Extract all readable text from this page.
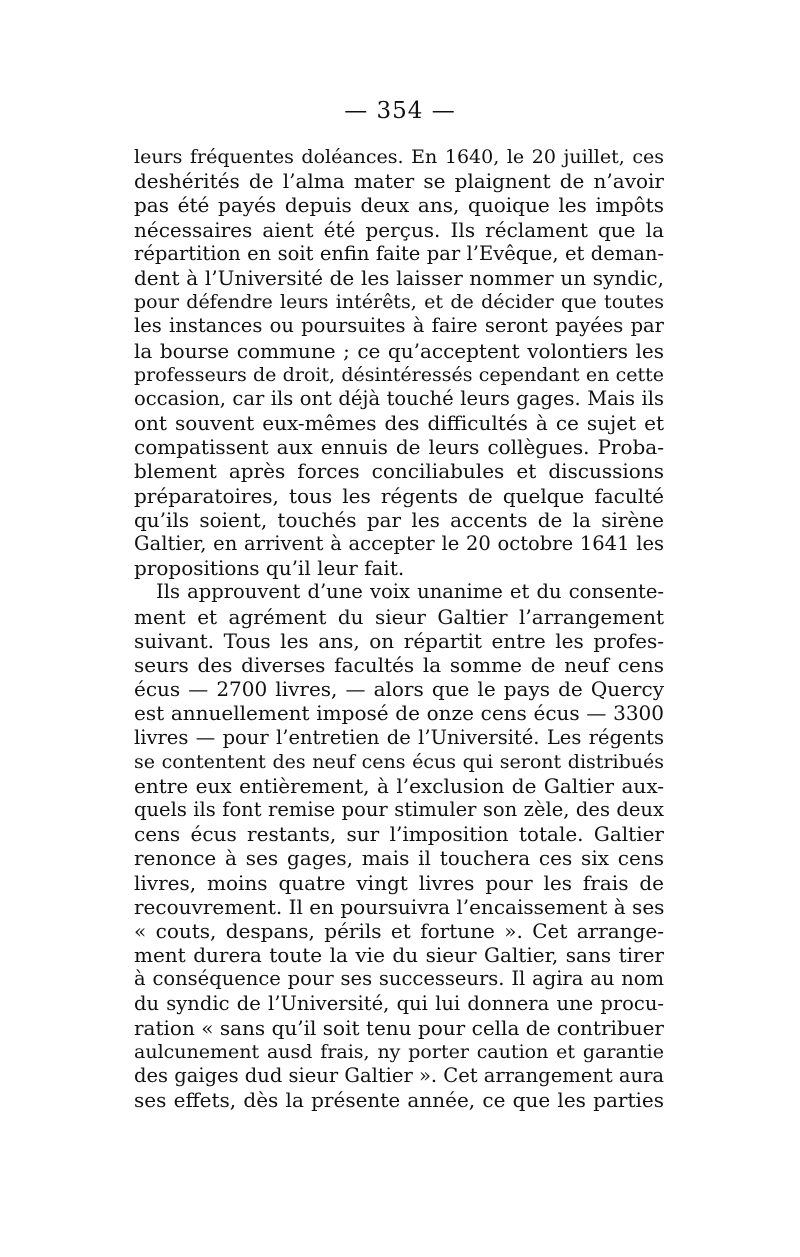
— 354 —
leurs fréquentes doléances. En 1640, le 20 juillet, ces
deshérités de l’alma mater se plaignent de n’avoir
pas été payés depuis deux ans, quoique les impôts
nécessaires aient été perçus. Ils réclament que la
répartition en soit enfin faite par l’Evêque, et deman-
dent à l’Université de les laisser nommer un syndic,
pour défendre leurs intérêts, et de décider que toutes
les instances ou poursuites à faire seront payées par
la bourse commune ; ce qu’acceptent volontiers les
professeurs de droit, désintéressés cependant en cette
occasion, car ils ont déjà touché leurs gages. Mais ils
ont souvent eux-mêmes des difficultés à ce sujet et
compatissent aux ennuis de leurs collègues. Proba-
blement après forces conciliabules et discussions
préparatoires, tous les régents de quelque faculté
qu’ils soient, touchés par les accents de la sirène
Galtier, en arrivent à accepter le 20 octobre 1641 les
propositions qu’il leur fait.
Ils approuvent d’une voix unanime et du consente-
ment et agrément du sieur Galtier l’arrangement
suivant. Tous les ans, on répartit entre les profes-
seurs des diverses facultés la somme de neuf cens
écus — 2700 livres, — alors que le pays de Quercy
est annuellement imposé de onze cens écus — 3300
livres — pour l’entretien de l’Université. Les régents
se contentent des neuf cens écus qui seront distribués
entre eux entièrement, à l’exclusion de Galtier aux-
quels ils font remise pour stimuler son zèle, des deux
cens écus restants, sur l’imposition totale. Galtier
renonce à ses gages, mais il touchera ces six cens
livres, moins quatre vingt livres pour les frais de
recouvrement. Il en poursuivra l’encaissement à ses
« couts, despans, périls et fortune ». Cet arrange-
ment durera toute la vie du sieur Galtier, sans tirer
à conséquence pour ses successeurs. Il agira au nom
du syndic de l’Université, qui lui donnera une procu-
ration « sans qu’il soit tenu pour cella de contribuer
aulcunement ausd frais, ny porter caution et garantie
des gaiges dud sieur Galtier ». Cet arrangement aura
ses effets, dès la présente année, ce que les parties
